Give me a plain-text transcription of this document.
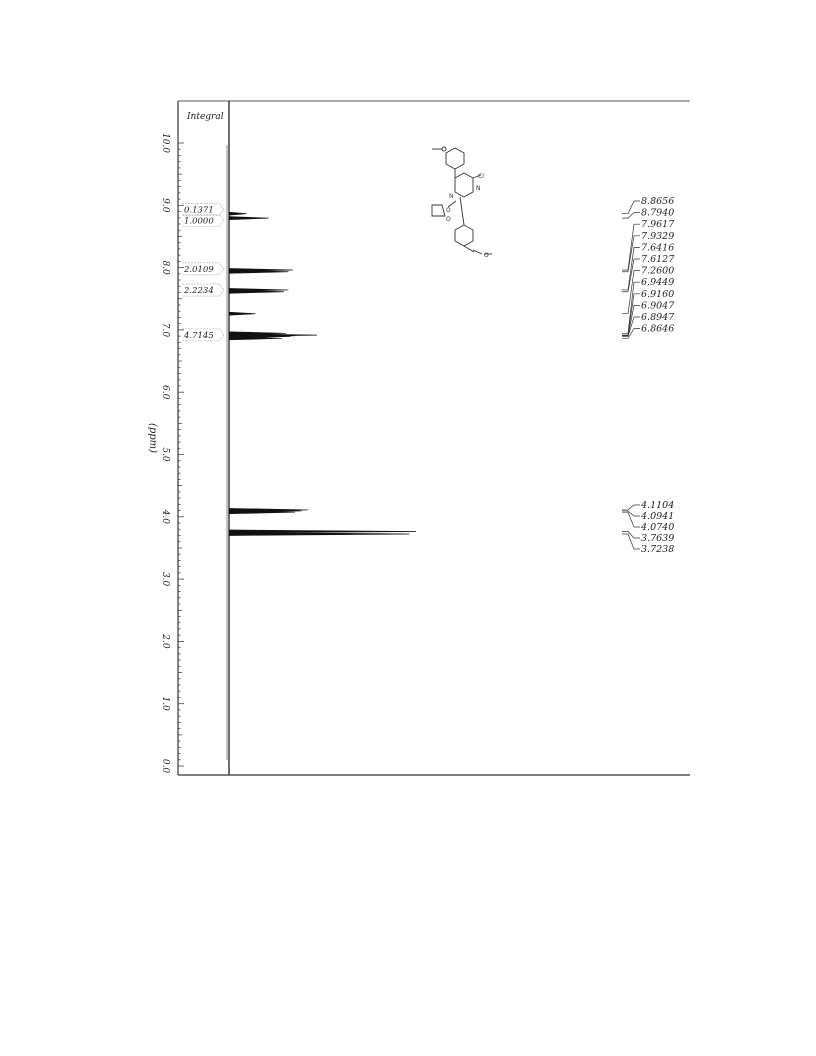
Integral
(ppm)
N
N
Cl
O
O
O
0.0
1.0
2.0
3.0
4.0
5.0
6.0
7.0
8.0
9.0
10.0
0.1371
1.0000
2.0109
2.2234
4.7145
8.8656
8.7940
7.9617
7.9329
7.6416
7.6127
7.2600
6.9449
6.9160
6.9047
6.8947
6.8646
4.1104
4.0941
4.0740
3.7639
3.7238
